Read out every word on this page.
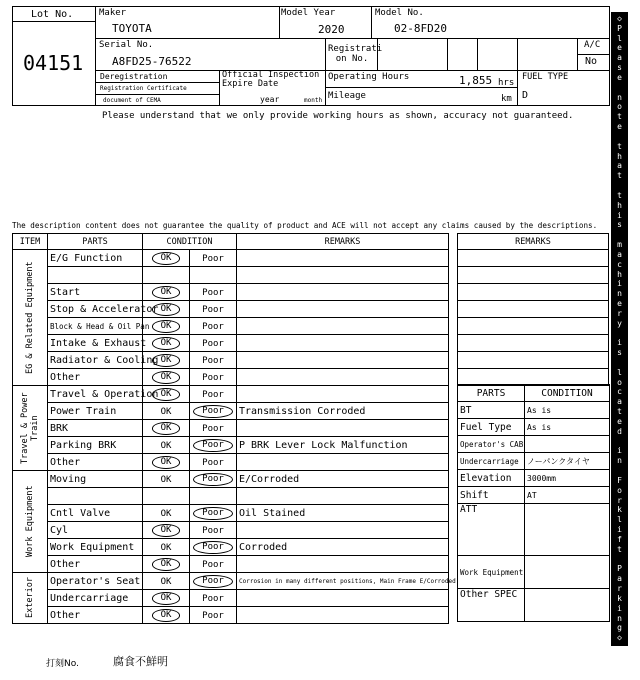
Lot No.
04151
Maker
TOYOTA
Model Year
2020
Model No.
02-8FD20
Serial No.
A8FD25-76522
Registrati on No.
A/C
No
Deregistration
Registration Certificate
document of CEMA
Official Inspection Expire Date
year	month
Operating Hours	1,855 hrs
Mileage	km
FUEL TYPE
D
Please understand that we only provide working hours as shown, accuracy not guaranteed.
The description content does not guarantee the quality of product and ACE will not accept any claims caused by the descriptions.
◇
P
l
e
a
s
e

n
o
t
e

t
h
a
t

t
h
i
s

m
a
c
h
i
n
e
r
y

i
s

l
o
c
a
t
e
d

i
n

F
o
r
k
l
i
f
t

P
a
r
k
i
n
g
◇
ITEM	PARTS	CONDITION		REMARKS

EG & Related Equipment	E/G Function	OK	Poor	

	Start	OK	Poor	
	Stop & Accelerator	OK	Poor	
	Block & Head & Oil Pan	OK	Poor	
	Intake & Exhaust	OK	Poor	
	Radiator & Cooling	OK	Poor	
	Other	OK	Poor	

Travel & Power Train	Travel & Operation	OK	Poor	
	Power Train	OK	Poor	Transmission Corroded
	BRK	OK	Poor	
	Parking BRK	OK	Poor	P BRK Lever Lock Malfunction
	Other	OK	Poor	

Work Equipment	Moving	OK	Poor	E/Corroded

	Cntl Valve	OK	Poor	Oil Stained
	Cyl	OK	Poor	
	Work Equipment	OK	Poor	Corroded
	Other	OK	Poor	

Exterior	Operator's Seat	OK	Poor	Corrosion in many different positions, Main Frame E/Corroded
	Undercarriage	OK	Poor	
	Other	OK	Poor	
REMARKS

PARTS	CONDITION
BT	As is
Fuel Type	As is
Operator's CAB	
Undercarriage	ノーパンクタイヤ
Elevation	3000mm
Shift	AT
ATT	
Work Equipment	
Other SPEC	
打刻No.	腐食不鮮明
